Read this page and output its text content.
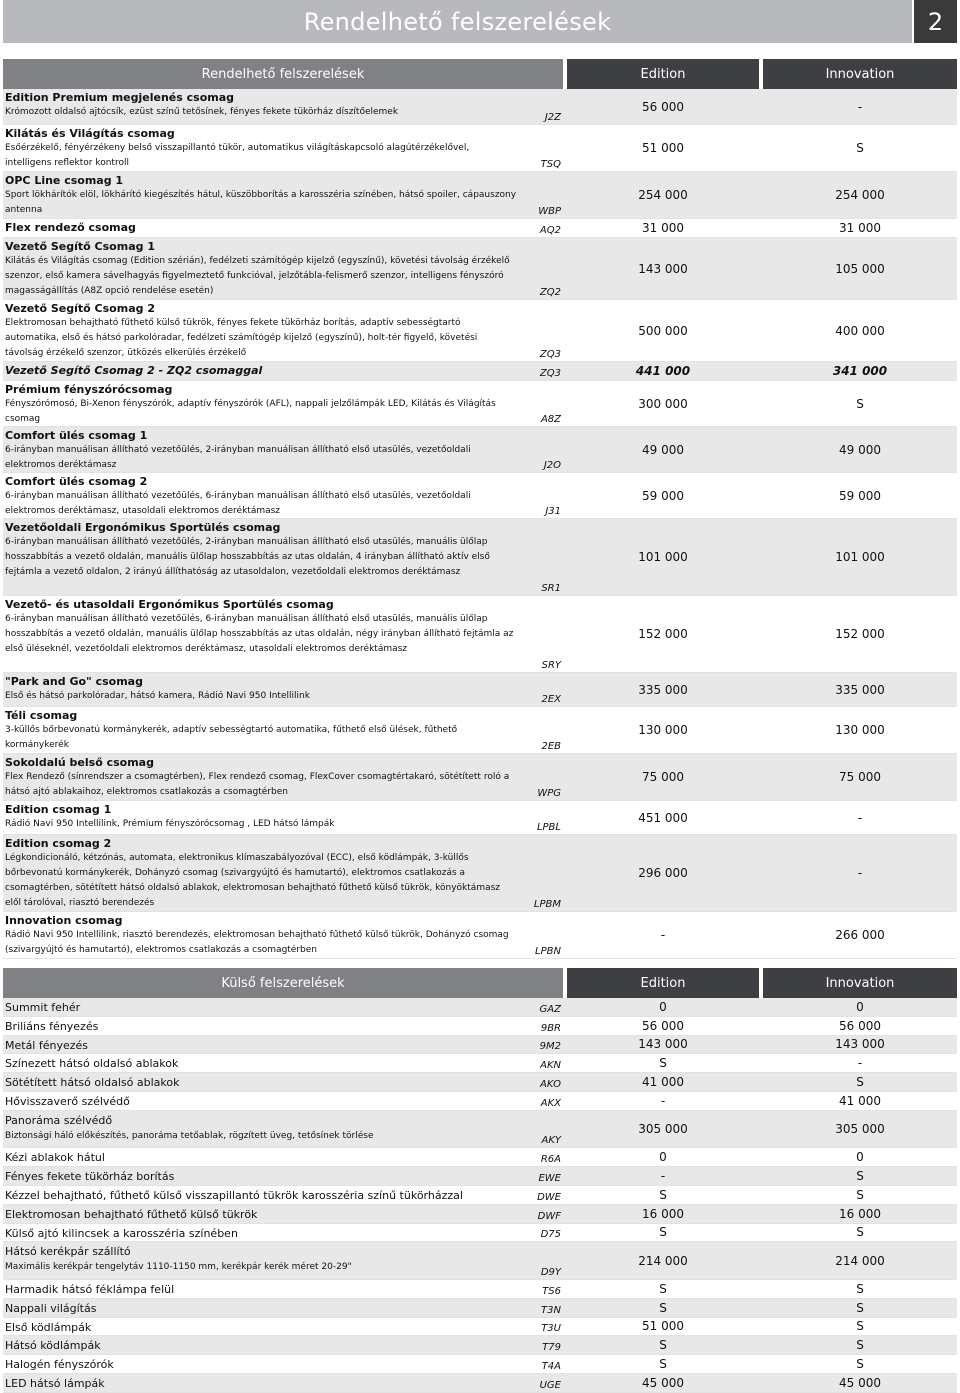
Rendelhető felszerelések	2
Rendelhető felszerelések	Edition	Innovation
Edition Premium megjelenés csomag
Krómozott oldalsó ajtócsík, ezüst színű tetősínek, fényes fekete tükörház díszítőelemek	J2Z
56 000	-
Kilátás és Világítás csomag
Esőérzékelő, fényérzékeny belső visszapillantó tükör, automatikus világításkapcsoló alagútérzékelővel, intelligens reflektor kontroll	TSQ
51 000	S
OPC Line csomag 1
Sport lökhárítók elöl, lökhárító kiegészítés hátul, küszöbborítás a karosszéria színében, hátsó spoiler, cápauszony antenna	WBP
254 000	254 000
Flex rendező csomag	AQ2	31 000	31 000
Vezető Segítő Csomag 1
Kilátás és Világítás csomag (Edition szérián), fedélzeti számítógép kijelző (egyszínű), követési távolság érzékelő szenzor, első kamera sávelhagyás figyelmeztető funkcióval, jelzőtábla-felismerő szenzor, intelligens fényszóró magasságállítás (A8Z opció rendelése esetén)	ZQ2
143 000	105 000
Vezető Segítő Csomag 2
Elektromosan behajtható fűthető külső tükrök, fényes fekete tükörház borítás, adaptív sebességtartó automatika, első és hátsó parkolóradar, fedélzeti számítógép kijelző (egyszínű), holt-tér figyelő, követési távolság érzékelő szenzor, ütközés elkerülés érzékelő	ZQ3
500 000	400 000
Vezető Segítő Csomag 2 - ZQ2 csomaggal	ZQ3	441 000	341 000
Prémium fényszórócsomag
Fényszórómosó, Bi-Xenon fényszórók, adaptív fényszórók (AFL), nappali jelzőlámpák LED, Kilátás és Világítás csomag	A8Z
300 000	S
Comfort ülés csomag 1
6-irányban manuálisan állítható vezetőülés, 2-irányban manuálisan állítható első utasülés, vezetőoldali elektromos deréktámasz	J2O
49 000	49 000
Comfort ülés csomag 2
6-irányban manuálisan állítható vezetőülés, 6-irányban manuálisan állítható első utasülés, vezetőoldali elektromos deréktámasz, utasoldali elektromos deréktámasz	J31
59 000	59 000
Vezetőoldali Ergonómikus Sportülés csomag
6-irányban manuálisan állítható vezetőülés, 2-irányban manuálisan állítható első utasülés, manuális ülőlap hosszabbítás a vezető oldalán, manuális ülőlap hosszabbítás az utas oldalán, 4 irányban állítható aktív első fejtámla a vezető oldalon, 2 irányú állíthatóság az utasoldalon, vezetőoldali elektromos deréktámasz
SR1
101 000	101 000
Vezető- és utasoldali Ergonómikus Sportülés csomag
6-irányban manuálisan állítható vezetőülés, 6-irányban manuálisan állítható első utasülés, manuális ülőlap hosszabbítás a vezető oldalán, manuális ülőlap hosszabbítás az utas oldalán, négy irányban állítható fejtámla az első üléseknél, vezetőoldali elektromos deréktámasz, utasoldali elektromos deréktámasz
SRY
152 000	152 000
"Park and Go" csomag
Első és hátsó parkolóradar, hátsó kamera, Rádió Navi 950 Intellilink	2EX
335 000	335 000
Téli csomag
3-küllős bőrbevonatú kormánykerék, adaptív sebességtartó automatika, fűthető első ülések, fűthető kormánykerék	2EB
130 000	130 000
Sokoldalú belső csomag
Flex Rendező (sínrendszer a csomagtérben), Flex rendező csomag, FlexCover csomagtértakaró, sötétített roló a hátsó ajtó ablakaihoz, elektromos csatlakozás a csomagtérben	WPG
75 000	75 000
Edition csomag 1
Rádió Navi 950 Intellilink, Prémium fényszórócsomag , LED hátsó lámpák	LPBL
451 000	-
Edition csomag 2
Légkondicionáló, kétzónás, automata, elektronikus klímaszabályozóval (ECC), első ködlámpák, 3-küllős bőrbevonatú kormánykerék, Dohányzó csomag (szivargyújtó és hamutartó), elektromos csatlakozás a csomagtérben, sötétített hátsó oldalsó ablakok, elektromosan behajtható fűthető külső tükrök, könyöktámasz elől tárolóval, riasztó berendezés	LPBM
296 000	-
Innovation csomag
Rádió Navi 950 Intellilink, riasztó berendezés, elektromosan behajtható fűthető külső tükrök, Dohányzó csomag (szivargyújtó és hamutartó), elektromos csatlakozás a csomagtérben	LPBN
-	266 000
Külső felszerelések	Edition	Innovation
Summit fehér	GAZ	0	0
Briliáns fényezés	9BR	56 000	56 000
Metál fényezés	9M2	143 000	143 000
Színezett hátsó oldalsó ablakok	AKN	S	-
Sötétített hátsó oldalsó ablakok	AKO	41 000	S
Hővisszaverő szélvédő	AKX	-	41 000
Panoráma szélvédő
Biztonsági háló előkészítés, panoráma tetőablak, rögzített üveg, tetősínek törlése	AKY
305 000	305 000
Kézi ablakok hátul	R6A	0	0
Fényes fekete tükörház borítás	EWE	-	S
Kézzel behajtható, fűthető külső visszapillantó tükrök karosszéria színű tükörházzal	DWE	S	S
Elektromosan behajtható fűthető külső tükrök	DWF	16 000	16 000
Külső ajtó kilincsek a karosszéria színében	D75	S	S
Hátsó kerékpár szállító
Maximális kerékpár tengelytáv 1110-1150 mm, kerékpár kerék méret 20-29"	D9Y
214 000	214 000
Harmadik hátsó féklámpa felül	TS6	S	S
Nappali világítás	T3N	S	S
Első ködlámpák	T3U	51 000	S
Hátsó ködlámpák	T79	S	S
Halogén fényszórók	T4A	S	S
LED hátsó lámpák	UGE	45 000	45 000
